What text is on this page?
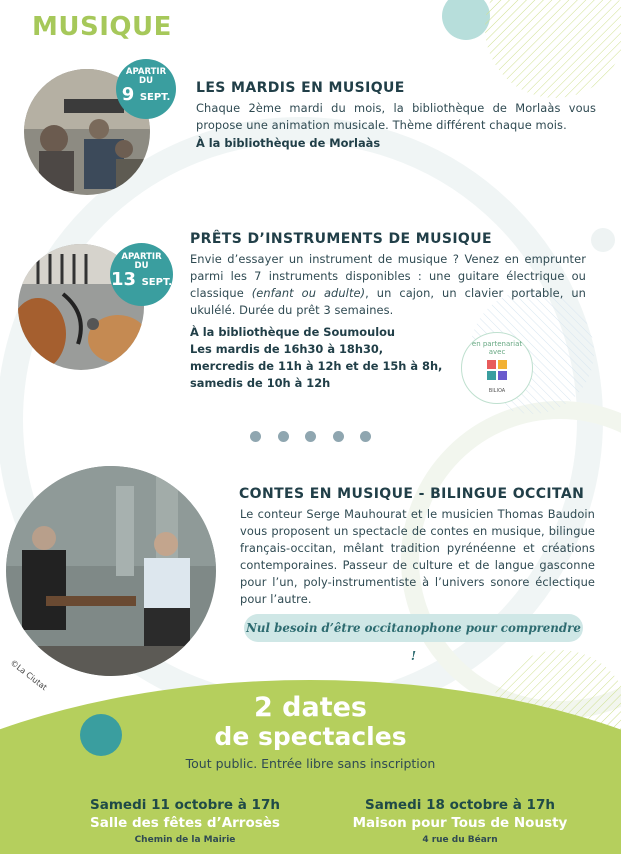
MUSIQUE
APARTIR
DU
9 SEPT.
LES MARDIS EN MUSIQUE

Chaque 2ème mardi du mois, la bibliothèque de Morlaàs vous propose une animation musicale. Thème différent chaque mois.

À la bibliothèque de Morlaàs

APARTIR
DU
13 SEPT.
PRÊTS D’INSTRUMENTS DE MUSIQUE

Envie d’essayer un instrument de musique ? Venez en emprunter parmi les 7 instruments disponibles : une guitare électrique ou classique (enfant ou adulte), un cajon, un clavier portable, un ukulélé. Durée du prêt 3 semaines.

À la bibliothèque de Soumoulou

Les mardis de 16h30 à 18h30,

mercredis de 11h à 12h et de 15h à 8h,

samedis de 10h à 12h

en partenariat
avec
BILIOA
©La Ciutat
CONTES EN MUSIQUE - BILINGUE OCCITAN

Le conteur Serge Mauhourat et le musicien Thomas Baudoin vous proposent un spectacle de contes en musique, bilingue français-occitan, mêlant tradition pyrénéenne et créations contemporaines. Passeur de culture et de langue gasconne pour l’un, poly-instrumentiste à l’univers sonore éclectique pour l’autre.

Nul besoin d’être occitanophone pour comprendre !
2 dates
de spectacles
Tout public. Entrée libre sans inscription
Samedi 11 octobre à 17h
Salle des fêtes d’Arrosès
Chemin de la Mairie
Samedi 18 octobre à 17h
Maison pour Tous de Nousty
4 rue du Béarn
